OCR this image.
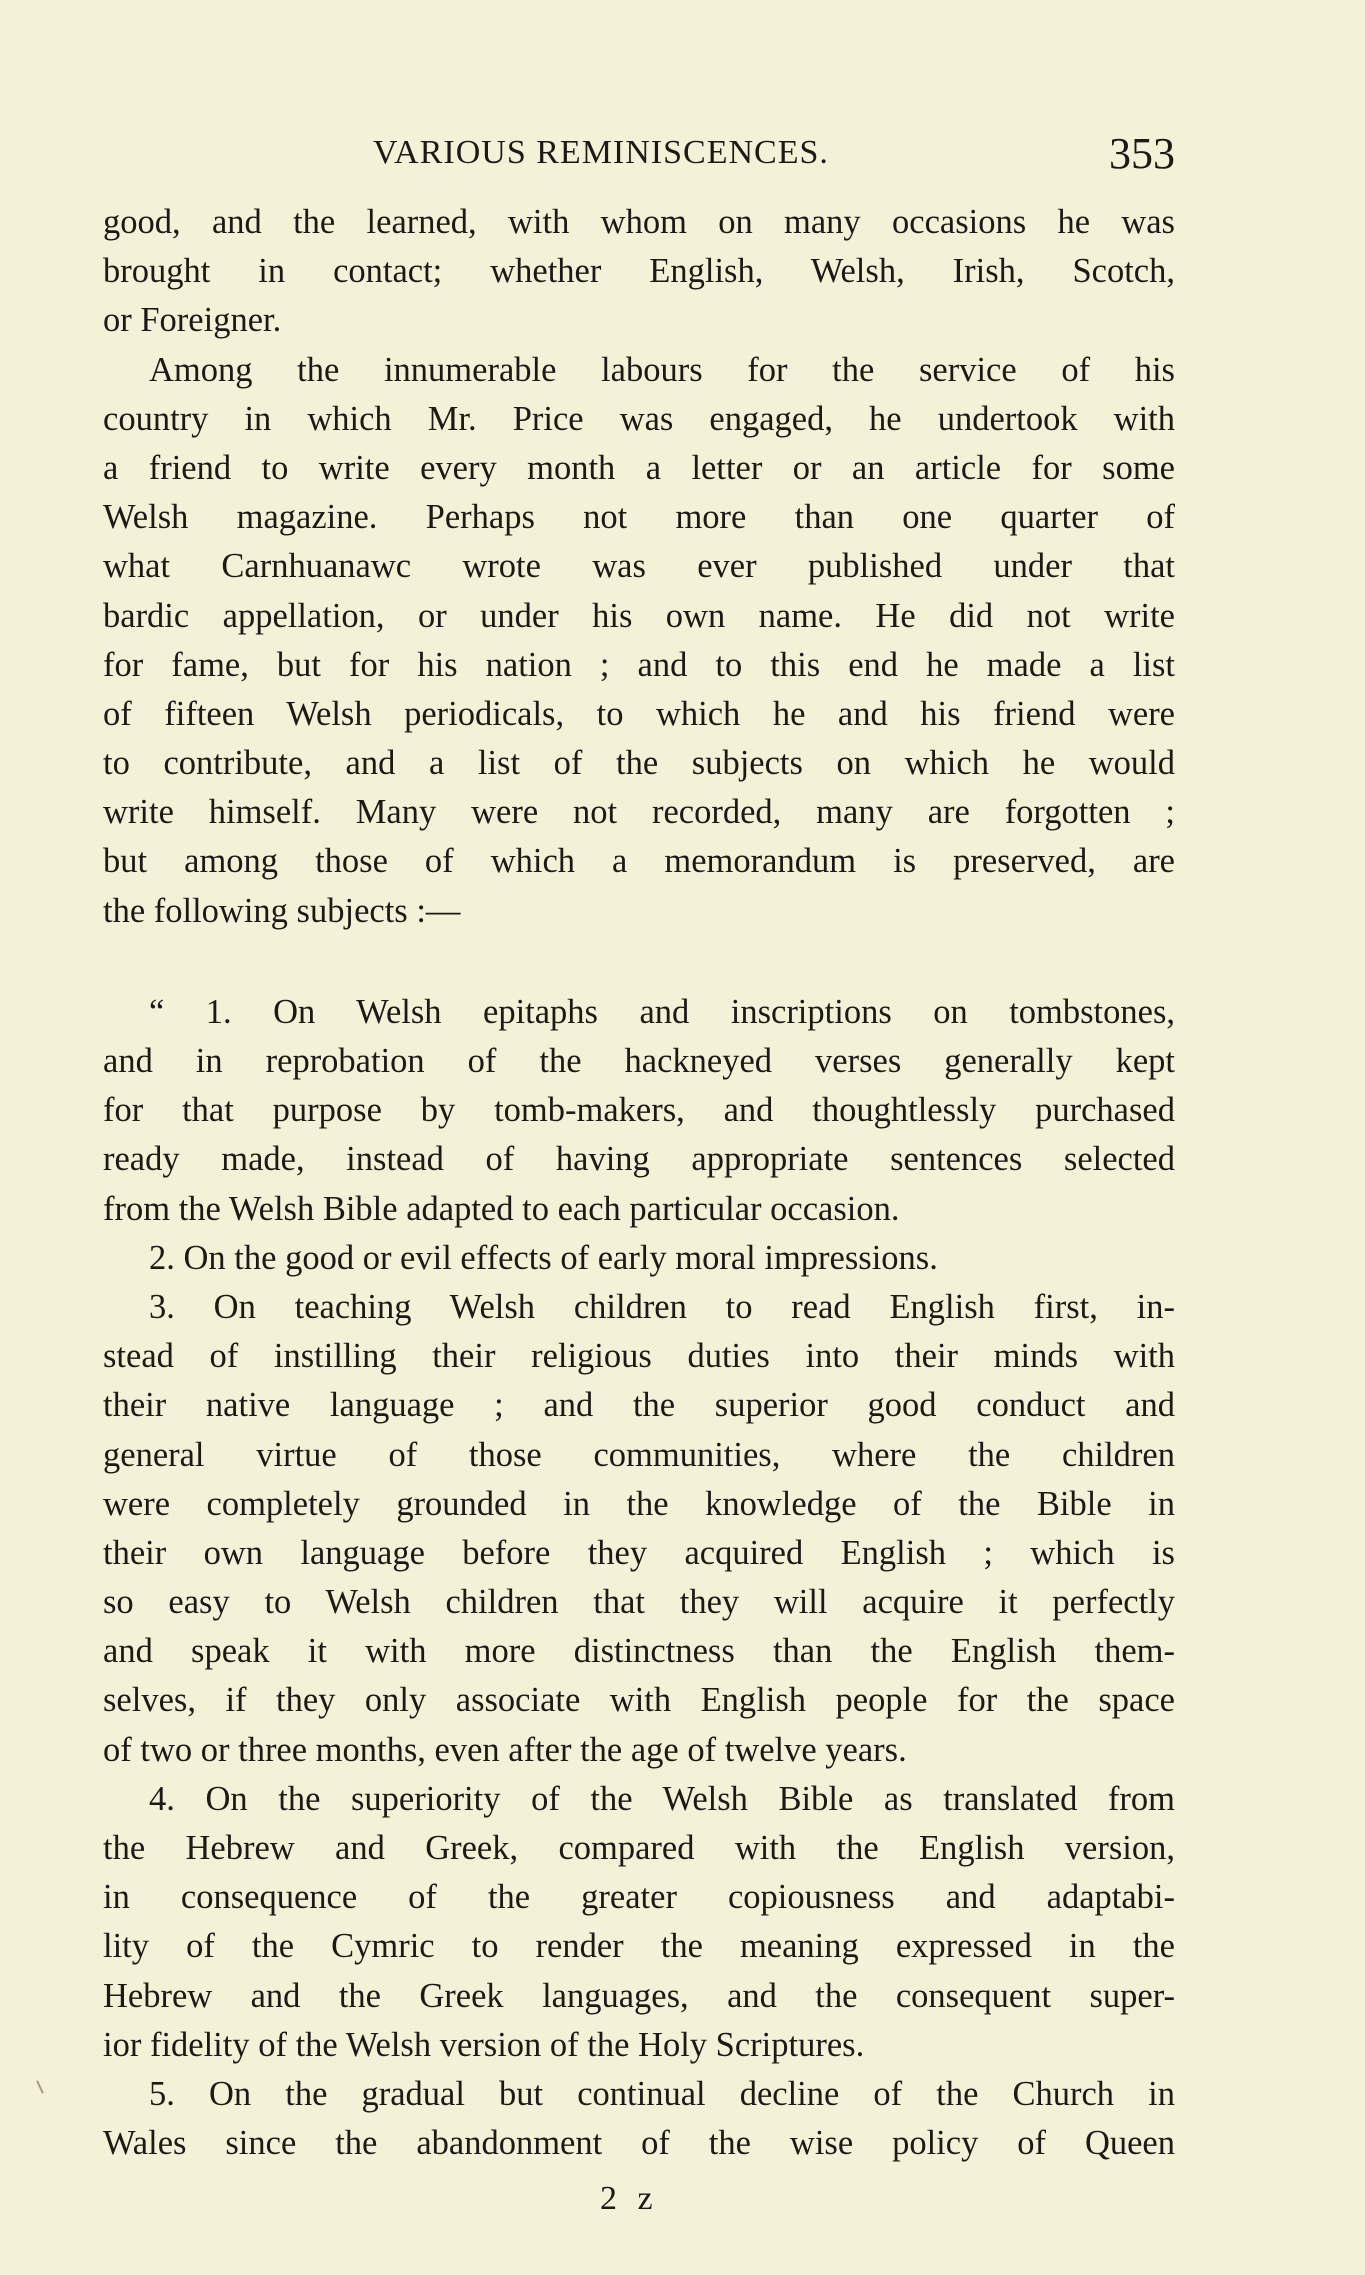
VARIOUS REMINISCENCES.	353
good, and the learned, with whom on many occasions he was
brought in contact; whether English, Welsh, Irish, Scotch,
or Foreigner.
Among the innumerable labours for the service of his
country in which Mr. Price was engaged, he undertook with
a friend to write every month a letter or an article for some
Welsh magazine. Perhaps not more than one quarter of
what Carnhuanawc wrote was ever published under that
bardic appellation, or under his own name. He did not write
for fame, but for his nation ; and to this end he made a list
of fifteen Welsh periodicals, to which he and his friend were
to contribute, and a list of the subjects on which he would
write himself. Many were not recorded, many are forgotten ;
but among those of which a memorandum is preserved, are
the following subjects :—
“ 1. On Welsh epitaphs and inscriptions on tombstones,
and in reprobation of the hackneyed verses generally kept
for that purpose by tomb-makers, and thoughtlessly purchased
ready made, instead of having appropriate sentences selected
from the Welsh Bible adapted to each particular occasion.
2. On the good or evil effects of early moral impressions.
3. On teaching Welsh children to read English first, in-
stead of instilling their religious duties into their minds with
their native language ; and the superior good conduct and
general virtue of those communities, where the children
were completely grounded in the knowledge of the Bible in
their own language before they acquired English ; which is
so easy to Welsh children that they will acquire it perfectly
and speak it with more distinctness than the English them-
selves, if they only associate with English people for the space
of two or three months, even after the age of twelve years.
4. On the superiority of the Welsh Bible as translated from
the Hebrew and Greek, compared with the English version,
in consequence of the greater copiousness and adaptabi-
lity of the Cymric to render the meaning expressed in the
Hebrew and the Greek languages, and the consequent super-
ior fidelity of the Welsh version of the Holy Scriptures.
5. On the gradual but continual decline of the Church in
Wales since the abandonment of the wise policy of Queen
2 z
